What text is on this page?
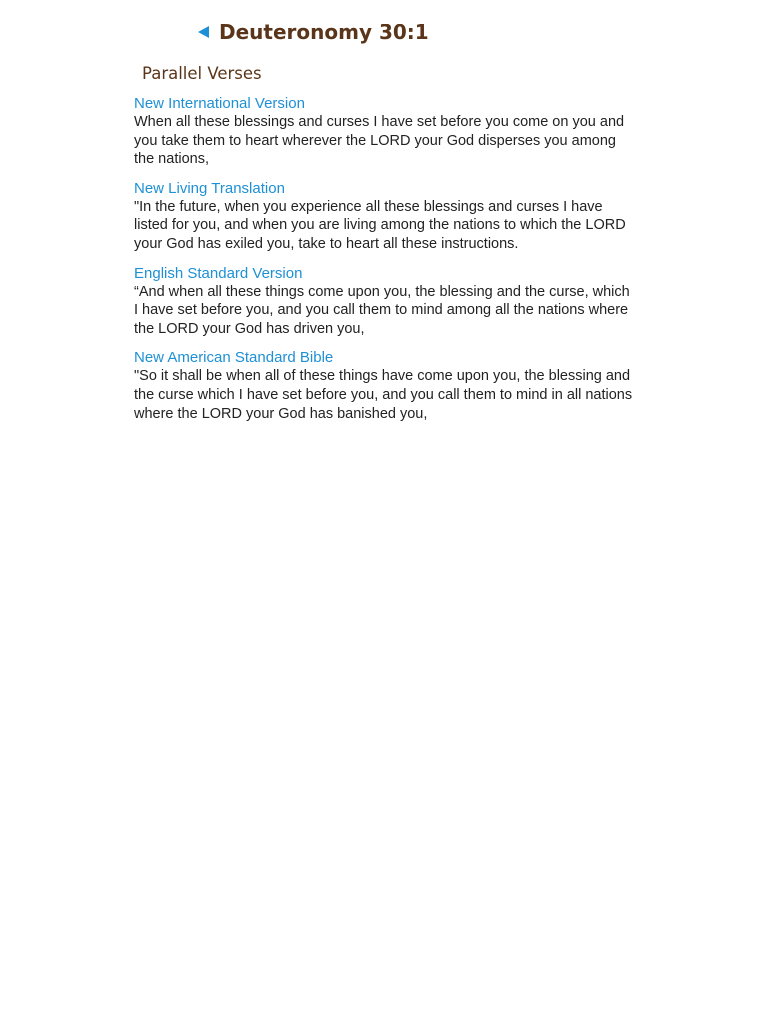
Deuteronomy 30:1
Parallel Verses
New International Version

When all these blessings and curses I have set before you come on you and you take them to heart wherever the LORD your God disperses you among the nations,

New Living Translation

"In the future, when you experience all these blessings and curses I have listed for you, and when you are living among the nations to which the LORD your God has exiled you, take to heart all these instructions.

English Standard Version

“And when all these things come upon you, the blessing and the curse, which I have set before you, and you call them to mind among all the nations where the LORD your God has driven you,

New American Standard Bible

"So it shall be when all of these things have come upon you, the blessing and the curse which I have set before you, and you call them to mind in all nations where the LORD your God has banished you,
